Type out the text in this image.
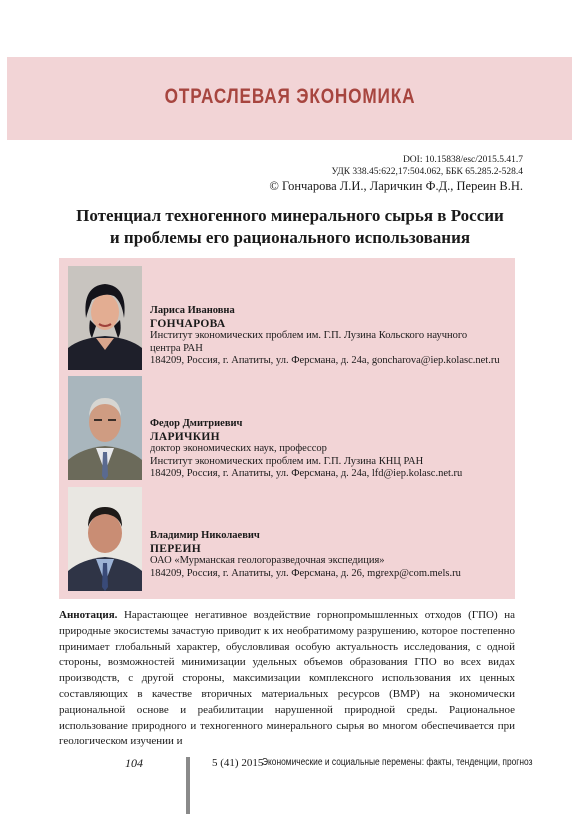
ОТРАСЛЕВАЯ ЭКОНОМИКА
DOI: 10.15838/esc/2015.5.41.7
УДК 338.45:622,17:504.062, ББК 65.285.2-528.4
© Гончарова Л.И., Ларичкин Ф.Д., Переин В.Н.
Потенциал техногенного минерального сырья в России
и проблемы его рационального использования
Лариса Ивановна
ГОНЧАРОВА
Институт экономических проблем им. Г.П. Лузина Кольского научного
центра РАН
184209, Россия, г. Апатиты, ул. Ферсмана, д. 24а, goncharova@iep.kolasc.net.ru
Федор Дмитриевич
ЛАРИЧКИН
доктор экономических наук, профессор
Институт экономических проблем им. Г.П. Лузина КНЦ РАН
184209, Россия, г. Апатиты, ул. Ферсмана, д. 24а, lfd@iep.kolasc.net.ru
Владимир Николаевич
ПЕРЕИН
ОАО «Мурманская геологоразведочная экспедиция»
184209, Россия, г. Апатиты, ул. Ферсмана, д. 26, mgrexp@com.mels.ru
Аннотация. Нарастающее негативное воздействие горнопромышленных отходов (ГПО) на природные экосистемы зачастую приводит к их необратимому разрушению, которое постепенно принимает глобальный характер, обусловливая особую актуальность исследования, с одной стороны, возможностей минимизации удельных объемов образования ГПО во всех видах производств, с другой стороны, максимизации комплексного использования их ценных составляющих в качестве вторичных материальных ресурсов (ВМР) на экономически рациональной основе и реабилитации нарушенной природной среды. Рациональное использование природного и техногенного минерального сырья во многом обеспечивается при геологическом изучении и
104	5 (41) 2015
Экономические и социальные перемены: факты, тенденции, прогноз
